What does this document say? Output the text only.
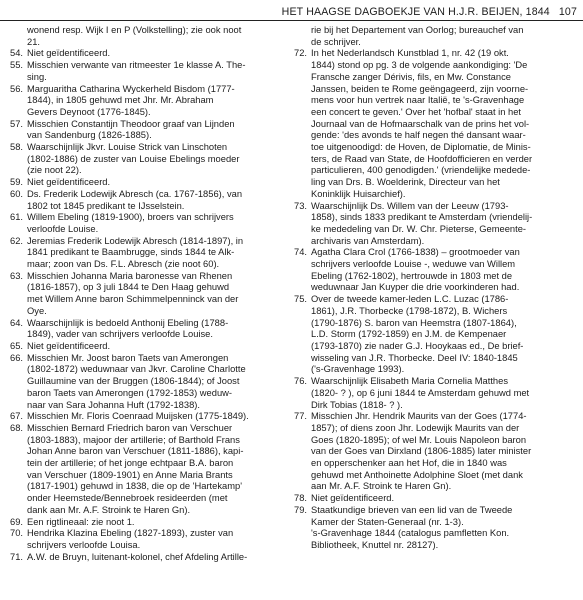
HET HAAGSE DAGBOEKJE VAN H.J.R. BEIJEN, 1844 107
wonend resp. Wijk I en P (Volkstelling); zie ook noot
21.
54. Niet geïdentificeerd.
55. Misschien verwante van ritmeester 1e klasse A. The-
sing.
56. Marguaritha Catharina Wyckerheld Bisdom (1777-
1844), in 1805 gehuwd met Jhr. Mr. Abraham
Gevers Deynoot (1776-1845).
57. Misschien Constantijn Theodoor graaf van Lijnden
van Sandenburg (1826-1885).
58. Waarschijnlijk Jkvr. Louise Strick van Linschoten
(1802-1886) de zuster van Louise Ebelings moeder
(zie noot 22).
59. Niet geïdentificeerd.
60. Ds. Frederik Lodewijk Abresch (ca. 1767-1856), van
1802 tot 1845 predikant te IJsselstein.
61. Willem Ebeling (1819-1900), broers van schrijvers
verloofde Louise.
62. Jeremias Frederik Lodewijk Abresch (1814-1897), in
1841 predikant te Baambrugge, sinds 1844 te Alk-
maar; zoon van Ds. F.L. Abresch (zie noot 60).
63. Misschien Johanna Maria baronesse van Rhenen
(1816-1857), op 3 juli 1844 te Den Haag gehuwd
met Willem Anne baron Schimmelpenninck van der
Oye.
64. Waarschijnlijk is bedoeld Anthonij Ebeling (1788-
1849), vader van schrijvers verloofde Louise.
65. Niet geïdentificeerd.
66. Misschien Mr. Joost baron Taets van Amerongen
(1802-1872) weduwnaar van Jkvr. Caroline Charlotte
Guillaumine van der Bruggen (1806-1844); of Joost
baron Taets van Amerongen (1792-1853) weduw-
naar van Sara Johanna Huft (1792-1838).
67. Misschien Mr. Floris Coenraad Muijsken (1775-1849).
68. Misschien Bernard Friedrich baron van Verschuer
(1803-1883), majoor der artillerie; of Barthold Frans
Johan Anne baron van Verschuer (1811-1886), kapi-
tein der artillerie; of het jonge echtpaar B.A. baron
van Verschuer (1809-1901) en Anne Maria Brants
(1817-1901) gehuwd in 1838, die op de 'Hartekamp'
onder Heemstede/Bennebroek resideerden (met
dank aan Mr. A.F. Stroink te Haren Gn).
69. Een rigtlineaal: zie noot 1.
70. Hendrika Klazina Ebeling (1827-1893), zuster van
schrijvers verloofde Louisa.
71. A.W. de Bruyn, luitenant-kolonel, chef Afdeling Artille-
rie bij het Departement van Oorlog; bureauchef van
de schrijver.
72. In het Nederlandsch Kunstblad 1, nr. 42 (19 okt.
1844) stond op pg. 3 de volgende aankondiging: 'De
Fransche zanger Dérivis, fils, en Mw. Constance
Janssen, beiden te Rome geëngageerd, zijn voorne-
mens voor hun vertrek naar Italië, te 's-Gravenhage
een concert te geven.' Over het 'hofbal' staat in het
Journaal van de Hofmaarschalk van de prins het vol-
gende: 'des avonds te half negen thé dansant waar-
toe uitgenoodigd: de Hoven, de Diplomatie, de Minis-
ters, de Raad van State, de Hoofdofficieren en verder
particulieren, 400 genodigden.' (vriendelijke medede-
ling van Drs. B. Woelderink, Directeur van het
Koninklijk Huisarchief).
73. Waarschijnlijk Ds. Willem van der Leeuw (1793-
1858), sinds 1833 predikant te Amsterdam (vriendelij-
ke mededeling van Dr. W. Chr. Pieterse, Gemeente-
archivaris van Amsterdam).
74. Agatha Clara Crol (1766-1838) – grootmoeder van
schrijvers verloofde Louise -, weduwe van Willem
Ebeling (1762-1802), hertrouwde in 1803 met de
weduwnaar Jan Kuyper die drie voorkinderen had.
75. Over de tweede kamer-leden L.C. Luzac (1786-
1861), J.R. Thorbecke (1798-1872), B. Wichers
(1790-1876) S. baron van Heemstra (1807-1864),
L.D. Storm (1792-1859) en J.M. de Kempenaer
(1793-1870) zie nader G.J. Hooykaas ed., De brief-
wisseling van J.R. Thorbecke. Deel IV: 1840-1845
('s-Gravenhage 1993).
76. Waarschijnlijk Elisabeth Maria Cornelia Matthes
(1820- ? ), op 6 juni 1844 te Amsterdam gehuwd met
Dirk Tobias (1818- ? ).
77. Misschien Jhr. Hendrik Maurits van der Goes (1774-
1857); of diens zoon Jhr. Lodewijk Maurits van der
Goes (1820-1895); of wel Mr. Louis Napoleon baron
van der Goes van Dirxland (1806-1885) later minister
en opperschenker aan het Hof, die in 1840 was
gehuwd met Anthoinette Adolphine Sloet (met dank
aan Mr. A.F. Stroink te Haren Gn).
78. Niet geïdentificeerd.
79. Staatkundige brieven van een lid van de Tweede
Kamer der Staten-Generaal (nr. 1-3).
's-Gravenhage 1844 (catalogus pamfletten Kon.
Bibliotheek, Knuttel nr. 28127).
